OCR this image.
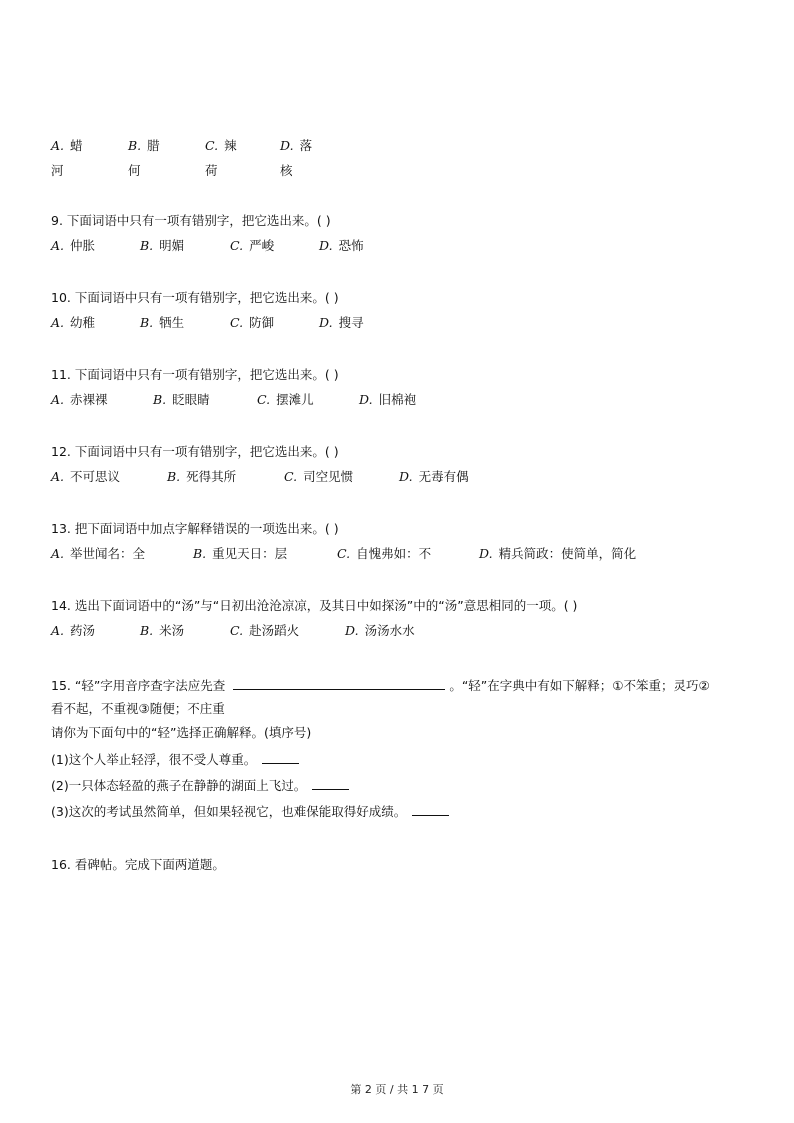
A. 蜡	B. 腊	C. 辣	D. 落
河	何	荷	核
9. 下面词语中只有一项有错别字，把它选出来。( )
A. 仲胀	B. 明媚	C. 严峻	D. 恐怖
10. 下面词语中只有一项有错别字，把它选出来。( )
A. 幼稚	B. 牺生	C. 防御	D. 搜寻
11. 下面词语中只有一项有错别字，把它选出来。( )
A. 赤裸裸	B. 眨眼睛	C. 摆滩儿	D. 旧棉袍
12. 下面词语中只有一项有错别字，把它选出来。( )
A. 不可思议	B. 死得其所	C. 司空见惯	D. 无毒有偶
13. 把下面词语中加点字解释错误的一项选出来。( )
A. 举世闻名：全	B. 重见天日：层	C. 自愧弗如：不	D. 精兵简政：使简单，简化
14. 选出下面词语中的“汤”与“日初出沧沧凉凉，及其日中如探汤”中的“汤”意思相同的一项。( )
A. 药汤	B. 米汤	C. 赴汤蹈火	D. 汤汤水水
15. “轻”字用音序查字法应先查	。“轻”在字典中有如下解释；①不笨重；灵巧②
看不起，不重视③随便；不庄重
请你为下面句中的“轻”选择正确解释。(填序号)
(1)这个人举止轻浮，很不受人尊重。
(2)一只体态轻盈的燕子在静静的湖面上飞过。
(3)这次的考试虽然简单，但如果轻视它，也难保能取得好成绩。
16. 看碑帖。完成下面两道题。
第 2 页 / 共 1 7 页
